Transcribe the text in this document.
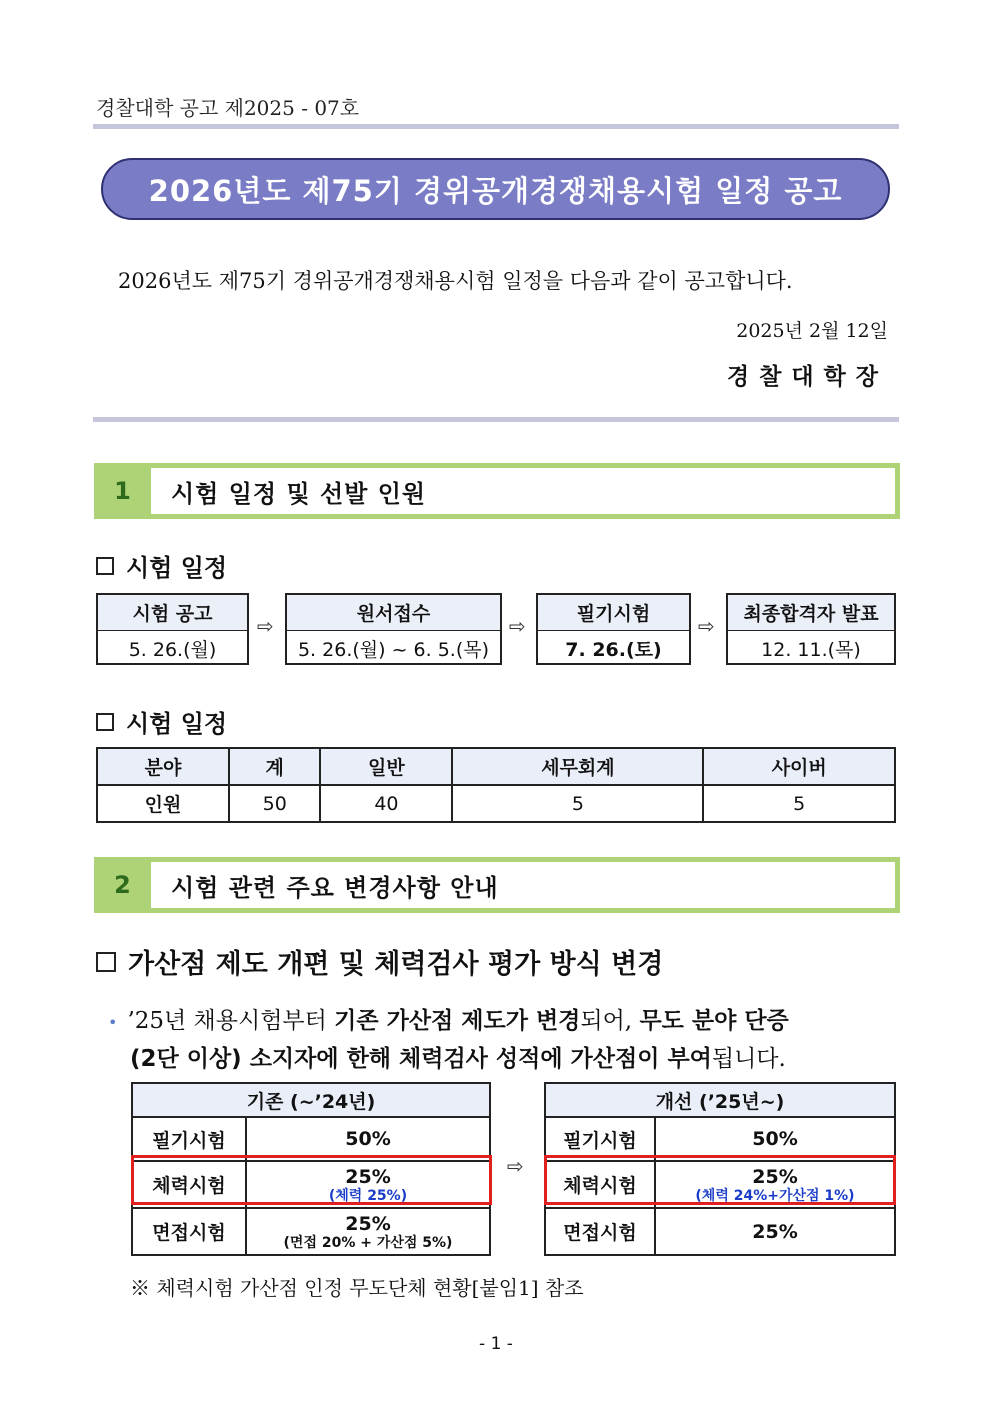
경찰대학 공고 제2025 - 07호
2026년도 제75기 경위공개경쟁채용시험 일정 공고
2026년도 제75기 경위공개경쟁채용시험 일정을 다음과 같이 공고합니다.
2025년 2월 12일
경찰대학장
1	시험 일정 및 선발 인원
시험 일정
시험 공고
5. 26.(월)
⇨	원서접수
5. 26.(월) ~ 6. 5.(목)
⇨	필기시험
7. 26.(토)
⇨	최종합격자 발표
12. 11.(목)
시험 일정
분야	계	일반	세무회계	사이버
인원	50	40	5	5
2	시험 관련 주요 변경사항 안내
가산점 제도 개편 및 체력검사 평가 방식 변경
• ’25년 채용시험부터 기존 가산점 제도가 변경되어, 무도 분야 단증
(2단 이상) 소지자에 한해 체력검사 성적에 가산점이 부여됩니다.
기존 (~’24년)	
필기시험	50%
체력시험	25%
(체력 25%)

면접시험	25%
(면접 20% + 가산점 5%)
⇨
개선 (’25년~)	
필기시험	50%
체력시험	25%
(체력 24%+가산점 1%)

면접시험	25%
※ 체력시험 가산점 인정 무도단체 현황[붙임1] 참조
- 1 -
